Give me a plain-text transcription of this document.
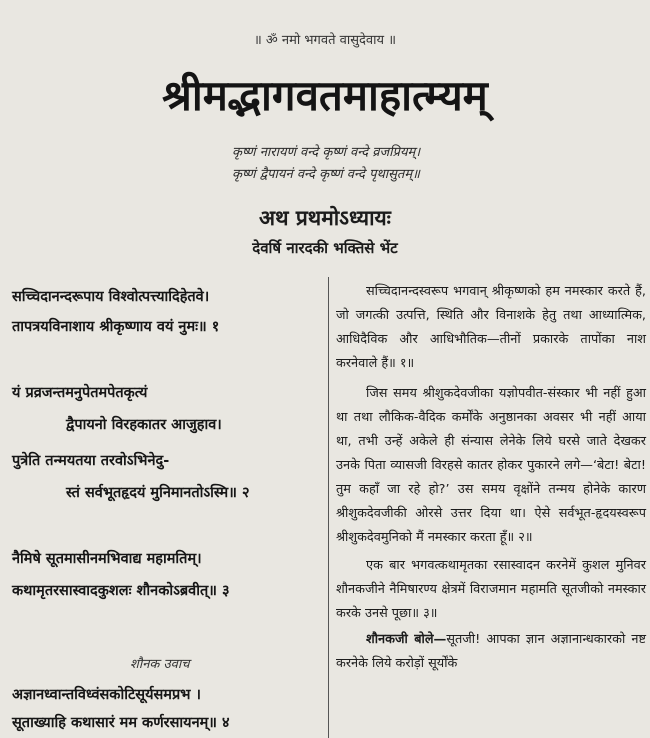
॥ ॐ नमो भगवते वासुदेवाय ॥
श्रीमद्भागवतमाहात्म्यम्
कृष्णं नारायणं वन्दे कृष्णं वन्दे व्रजप्रियम्।
कृष्णं द्वैपायनं वन्दे कृष्णं वन्दे पृथासुतम्॥
अथ प्रथमोऽध्यायः
देवर्षि नारदकी भक्तिसे भेंट
सच्चिदानन्दरूपाय विश्वोत्पत्त्यादिहेतवे।
तापत्रयविनाशाय श्रीकृष्णाय वयं नुमः॥ १
यं प्रव्रजन्तमनुपेतमपेतकृत्यं
द्वैपायनो विरहकातर आजुहाव।
पुत्रेति तन्मयतया तरवोऽभिनेदु-
स्तं सर्वभूतहृदयं मुनिमानतोऽस्मि॥ २
नैमिषे सूतमासीनमभिवाद्य महामतिम्।
कथामृतरसास्वादकुशलः शौनकोऽब्रवीत्॥ ३
शौनक उवाच
अज्ञानध्वान्तविध्वंसकोटिसूर्यसमप्रभ ।
सूताख्याहि कथासारं मम कर्णरसायनम्॥ ४

सच्चिदानन्दस्वरूप भगवान् श्रीकृष्णको हम नमस्कार करते हैं, जो जगत्की उत्पत्ति, स्थिति और विनाशके हेतु तथा आध्यात्मिक, आधिदैविक और आधिभौतिक—तीनों प्रकारके तापोंका नाश करनेवाले हैं॥ १॥

जिस समय श्रीशुकदेवजीका यज्ञोपवीत-संस्कार भी नहीं हुआ था तथा लौकिक-वैदिक कर्मोंके अनुष्ठानका अवसर भी नहीं आया था, तभी उन्हें अकेले ही संन्यास लेनेके लिये घरसे जाते देखकर उनके पिता व्यासजी विरहसे कातर होकर पुकारने लगे—‘बेटा! बेटा! तुम कहाँ जा रहे हो?’ उस समय वृक्षोंने तन्मय होनेके कारण श्रीशुकदेवजीकी ओरसे उत्तर दिया था। ऐसे सर्वभूत-हृदयस्वरूप श्रीशुकदेवमुनिको मैं नमस्कार करता हूँ॥ २॥

एक बार भगवत्कथामृतका रसास्वादन करनेमें कुशल मुनिवर शौनकजीने नैमिषारण्य क्षेत्रमें विराजमान महामति सूतजीको नमस्कार करके उनसे पूछा॥ ३॥

शौनकजी बोले—सूतजी! आपका ज्ञान अज्ञानान्धकारको नष्ट करनेके लिये करोड़ों सूर्योंके
